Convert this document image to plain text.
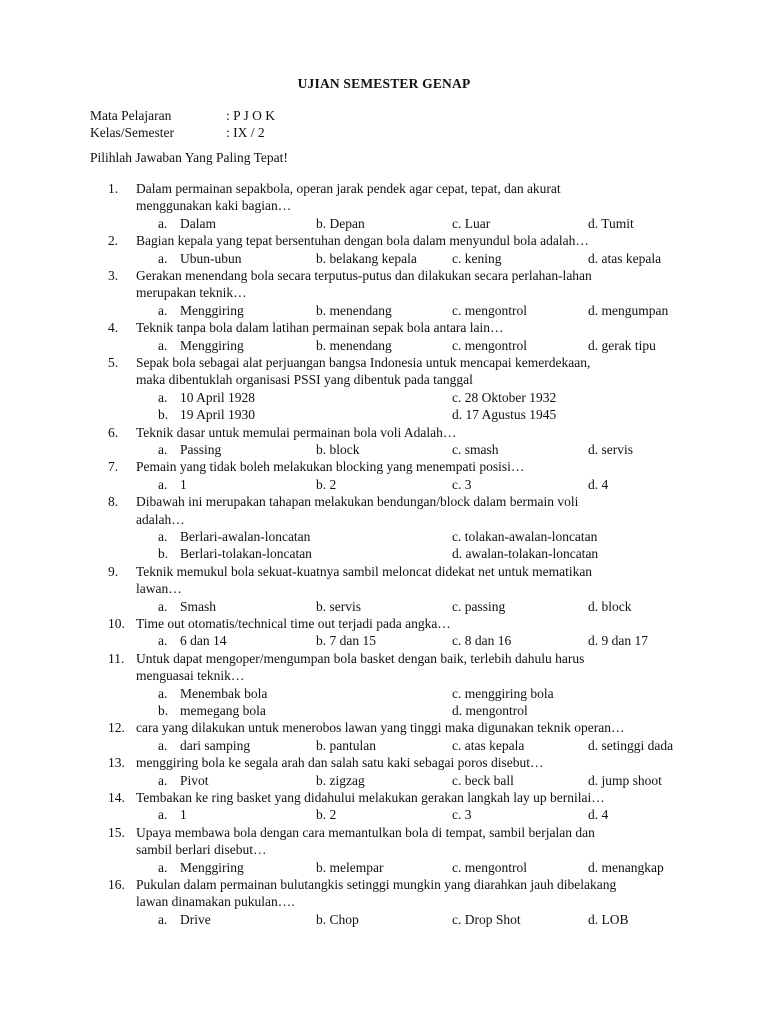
UJIAN SEMESTER GENAP
Mata Pelajaran	: P J O K
Kelas/Semester	: IX / 2
Pilihlah Jawaban Yang Paling Tepat!
1.	Dalam permainan sepakbola, operan jarak pendek agar cepat, tepat, dan akurat
menggunakan kaki bagian…
a. Dalam	b. Depan	c. Luar	d. Tumit
2.	Bagian kepala yang tepat bersentuhan dengan bola dalam menyundul bola adalah…
a. Ubun-ubun	b. belakang kepala	c. kening	d. atas kepala
3.	Gerakan menendang bola secara terputus-putus dan dilakukan secara perlahan-lahan
merupakan teknik…
a. Menggiring	b. menendang	c. mengontrol	d. mengumpan
4.	Teknik tanpa bola dalam latihan permainan sepak bola antara lain…
a. Menggiring	b. menendang	c. mengontrol	d. gerak tipu
5.	Sepak bola sebagai alat perjuangan bangsa Indonesia untuk mencapai kemerdekaan,
maka dibentuklah organisasi PSSI yang dibentuk pada tanggal
a. 10 April 1928	c. 28 Oktober 1932
b. 19 April 1930	d. 17 Agustus 1945
6.	Teknik dasar untuk memulai permainan bola voli Adalah…
a. Passing	b. block	c. smash	d. servis
7.	Pemain yang tidak boleh melakukan blocking yang menempati posisi…
a. 1	b. 2	c. 3	d. 4
8.	Dibawah ini merupakan tahapan melakukan bendungan/block dalam bermain voli
adalah…
a. Berlari-awalan-loncatan	c. tolakan-awalan-loncatan
b. Berlari-tolakan-loncatan	d. awalan-tolakan-loncatan
9.	Teknik memukul bola sekuat-kuatnya sambil meloncat didekat net untuk mematikan
lawan…
a. Smash	b. servis	c. passing	d. block
10. Time out otomatis/technical time out terjadi pada angka…
a. 6 dan 14	b. 7 dan 15	c. 8 dan 16	d. 9 dan 17
11. Untuk dapat mengoper/mengumpan bola basket dengan baik, terlebih dahulu harus
menguasai teknik…
a. Menembak bola	c. menggiring bola
b. memegang bola	d. mengontrol
12. cara yang dilakukan untuk menerobos lawan yang tinggi maka digunakan teknik operan…
a. dari samping	b. pantulan	c. atas kepala	d. setinggi dada
13. menggiring bola ke segala arah dan salah satu kaki sebagai poros disebut…
a. Pivot	b. zigzag	c. beck ball	d. jump shoot
14. Tembakan ke ring basket yang didahului melakukan gerakan langkah lay up bernilai…
a. 1	b. 2	c. 3	d. 4
15. Upaya membawa bola dengan cara memantulkan bola di tempat, sambil berjalan dan
sambil berlari disebut…
a. Menggiring	b. melempar	c. mengontrol	d. menangkap
16. Pukulan dalam permainan bulutangkis setinggi mungkin yang diarahkan jauh dibelakang
lawan dinamakan pukulan….
a. Drive	b. Chop	c. Drop Shot	d. LOB
